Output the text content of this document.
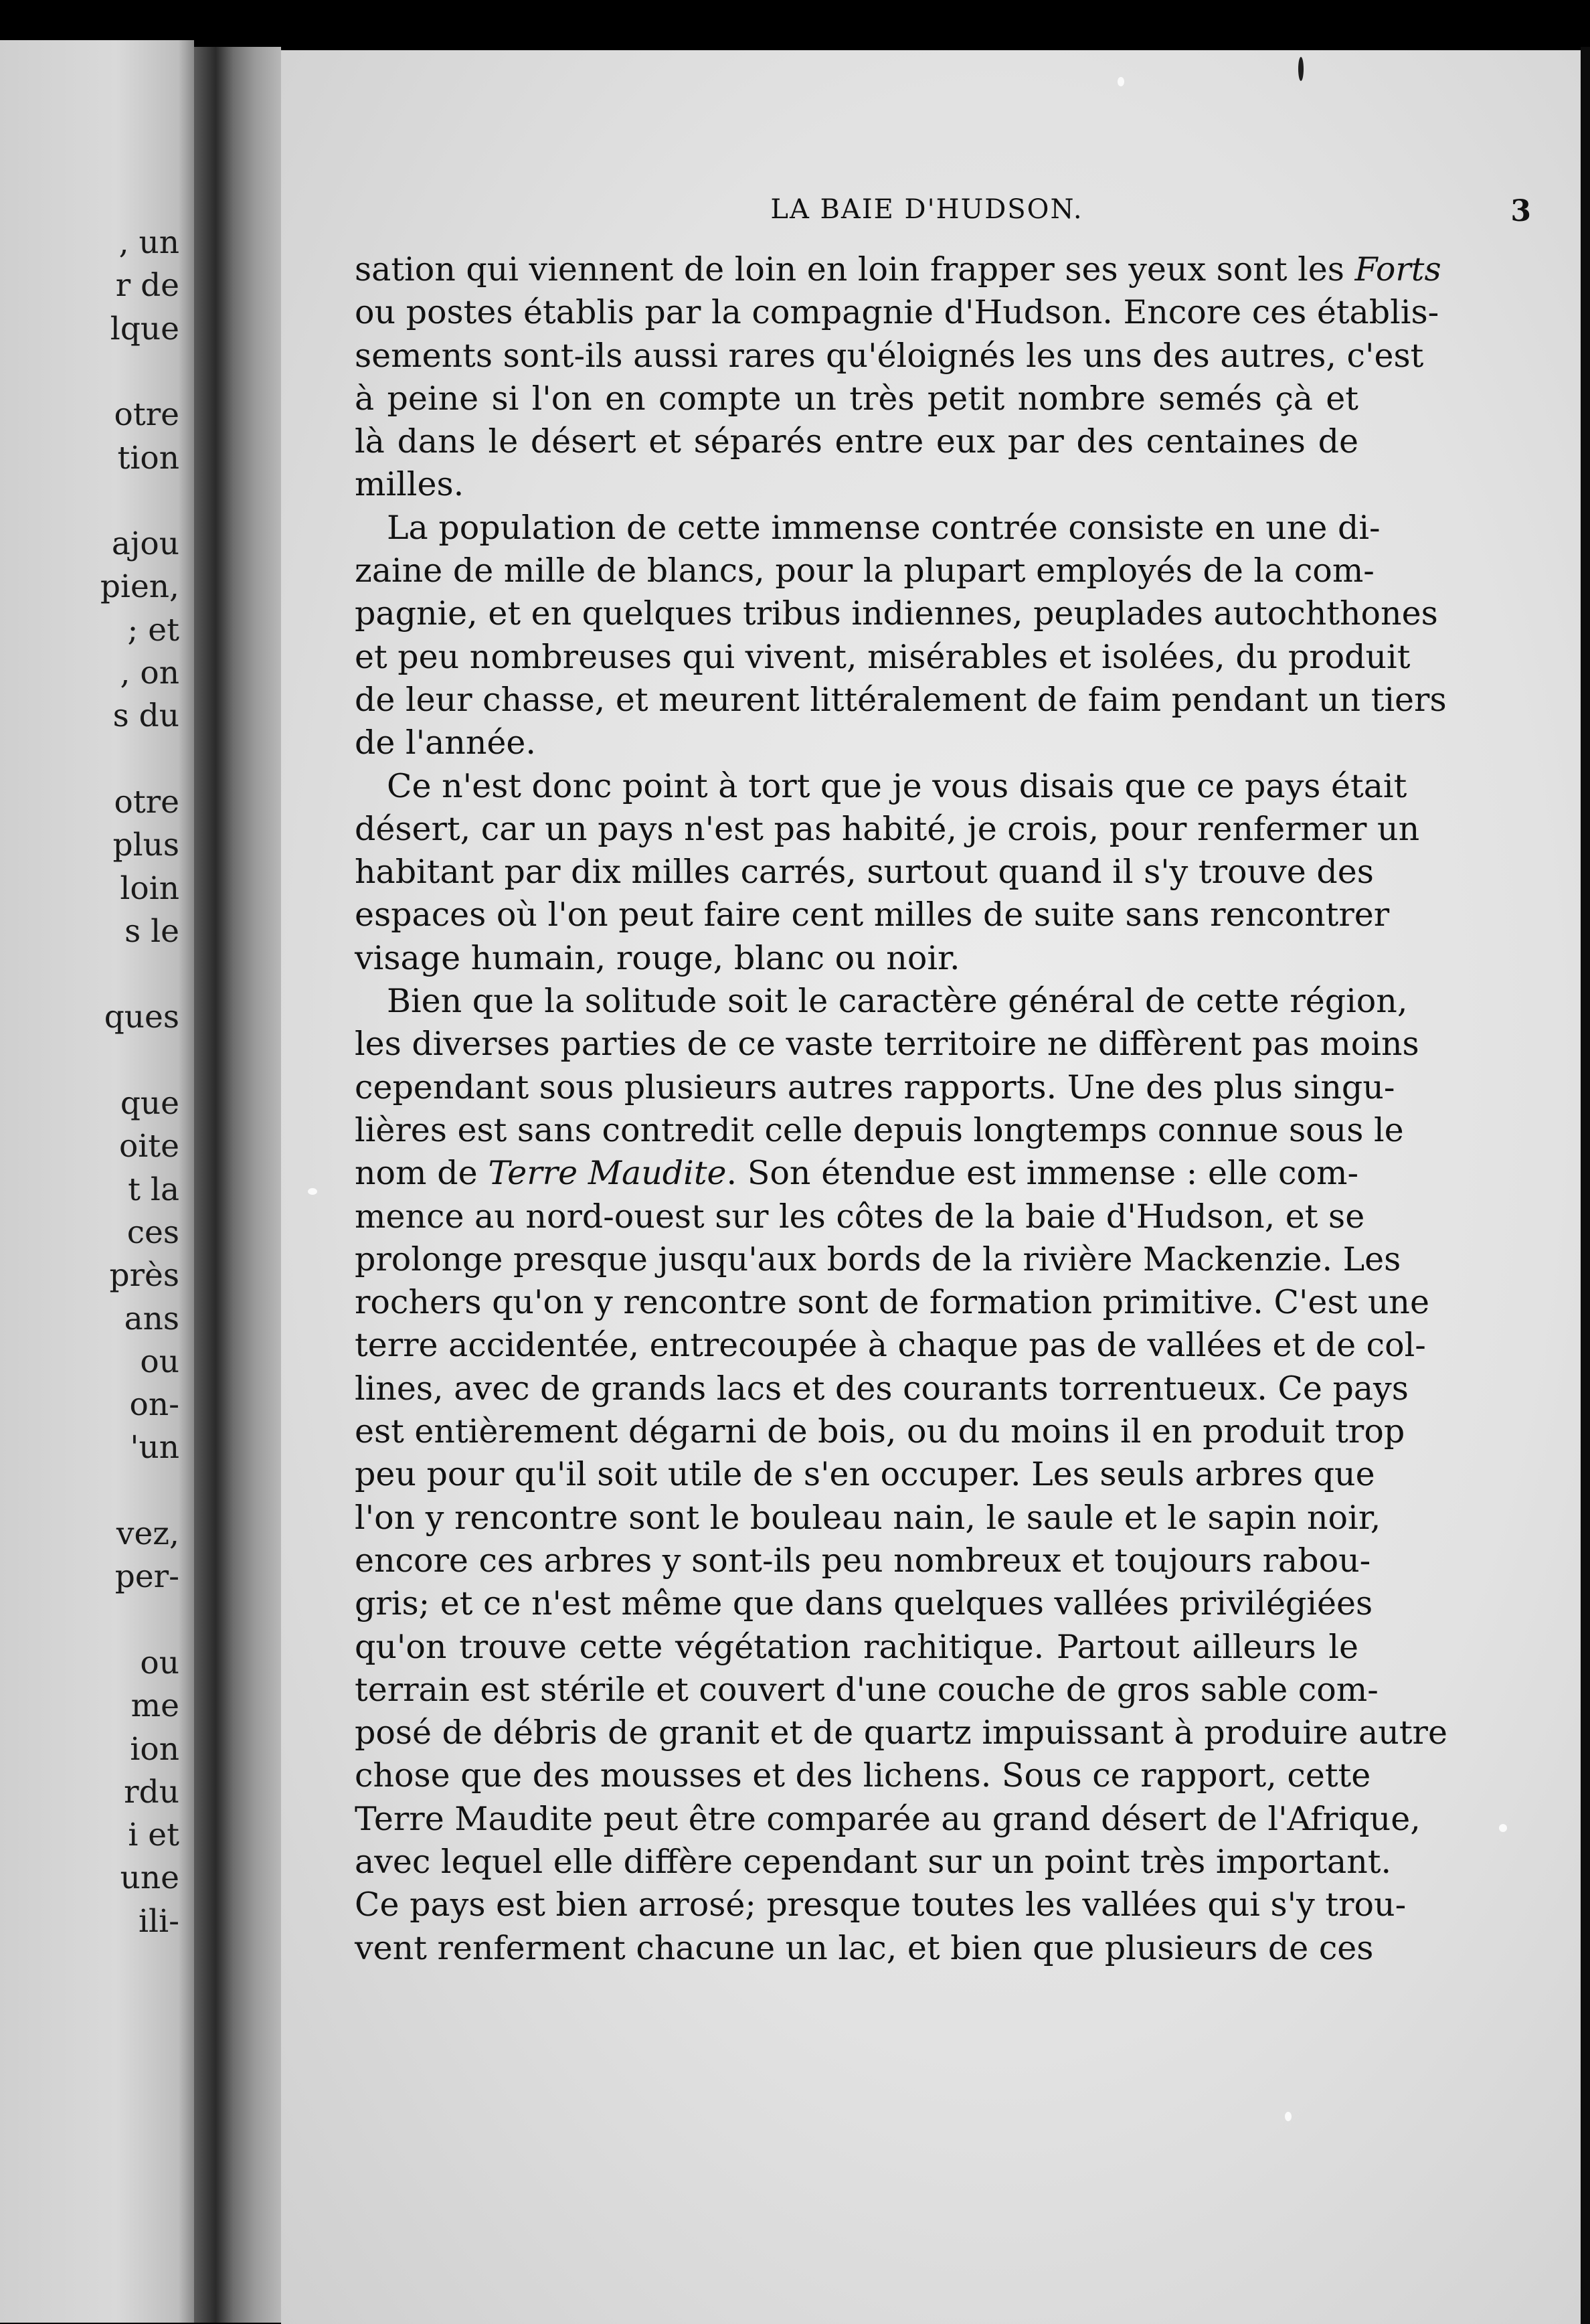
, un
r de
lque
otre
tion
ajou
pien,
; et
, on
s du
otre
plus
loin
s le
ques
que
oite
t la
ces
près
ans
ou
on-
'un
vez,
per-
ou
me
ion
rdu
i et
une
ili-
LA BAIE D'HUDSON.	3
sation qui viennent de loin en loin frapper ses yeux sont les Forts
ou postes établis par la compagnie d'Hudson. Encore ces établis-
sements sont-ils aussi rares qu'éloignés les uns des autres, c'est
à peine si l'on en compte un très petit nombre semés çà et
là dans le désert et séparés entre eux par des centaines de
milles.
La population de cette immense contrée consiste en une di-
zaine de mille de blancs, pour la plupart employés de la com-
pagnie, et en quelques tribus indiennes, peuplades autochthones
et peu nombreuses qui vivent, misérables et isolées, du produit
de leur chasse, et meurent littéralement de faim pendant un tiers
de l'année.
Ce n'est donc point à tort que je vous disais que ce pays était
désert, car un pays n'est pas habité, je crois, pour renfermer un
habitant par dix milles carrés, surtout quand il s'y trouve des
espaces où l'on peut faire cent milles de suite sans rencontrer
visage humain, rouge, blanc ou noir.
Bien que la solitude soit le caractère général de cette région,
les diverses parties de ce vaste territoire ne diffèrent pas moins
cependant sous plusieurs autres rapports. Une des plus singu-
lières est sans contredit celle depuis longtemps connue sous le
nom de Terre Maudite. Son étendue est immense : elle com-
mence au nord-ouest sur les côtes de la baie d'Hudson, et se
prolonge presque jusqu'aux bords de la rivière Mackenzie. Les
rochers qu'on y rencontre sont de formation primitive. C'est une
terre accidentée, entrecoupée à chaque pas de vallées et de col-
lines, avec de grands lacs et des courants torrentueux. Ce pays
est entièrement dégarni de bois, ou du moins il en produit trop
peu pour qu'il soit utile de s'en occuper. Les seuls arbres que
l'on y rencontre sont le bouleau nain, le saule et le sapin noir,
encore ces arbres y sont-ils peu nombreux et toujours rabou-
gris; et ce n'est même que dans quelques vallées privilégiées
qu'on trouve cette végétation rachitique. Partout ailleurs le
terrain est stérile et couvert d'une couche de gros sable com-
posé de débris de granit et de quartz impuissant à produire autre
chose que des mousses et des lichens. Sous ce rapport, cette
Terre Maudite peut être comparée au grand désert de l'Afrique,
avec lequel elle diffère cependant sur un point très important.
Ce pays est bien arrosé; presque toutes les vallées qui s'y trou-
vent renferment chacune un lac, et bien que plusieurs de ces
